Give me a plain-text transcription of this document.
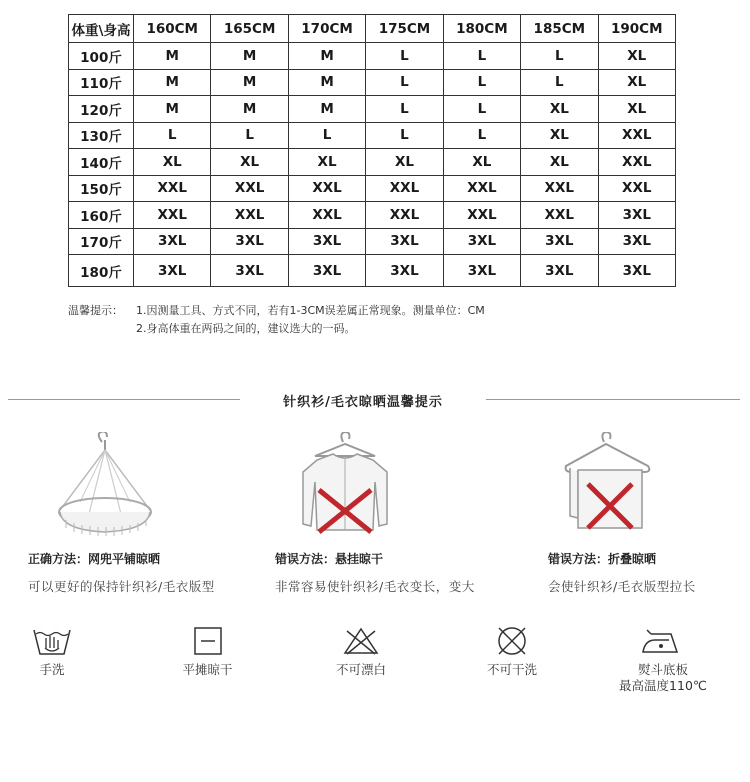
体重\身高	160CM	165CM	170CM	175CM	180CM	185CM	190CM
100斤	M	M	M	L	L	L	XL
110斤	M	M	M	L	L	L	XL
120斤	M	M	M	L	L	XL	XL
130斤	L	L	L	L	L	XL	XXL
140斤	XL	XL	XL	XL	XL	XL	XXL
150斤	XXL	XXL	XXL	XXL	XXL	XXL	XXL
160斤	XXL	XXL	XXL	XXL	XXL	XXL	3XL
170斤	3XL	3XL	3XL	3XL	3XL	3XL	3XL
180斤	3XL	3XL	3XL	3XL	3XL	3XL	3XL
温馨提示： 1.因测量工具、方式不同，若有1-3CM误差属正常现象。测量单位：CM
2.身高体重在两码之间的，建议选大的一码。
针织衫/毛衣晾晒温馨提示
正确方法：网兜平铺晾晒
可以更好的保持针织衫/毛衣版型
错误方法：悬挂晾干
非常容易使针织衫/毛衣变长，变大
错误方法：折叠晾晒
会使针织衫/毛衣版型拉长
手洗	平摊晾干	不可漂白	不可干洗	熨斗底板
最高温度110℃
